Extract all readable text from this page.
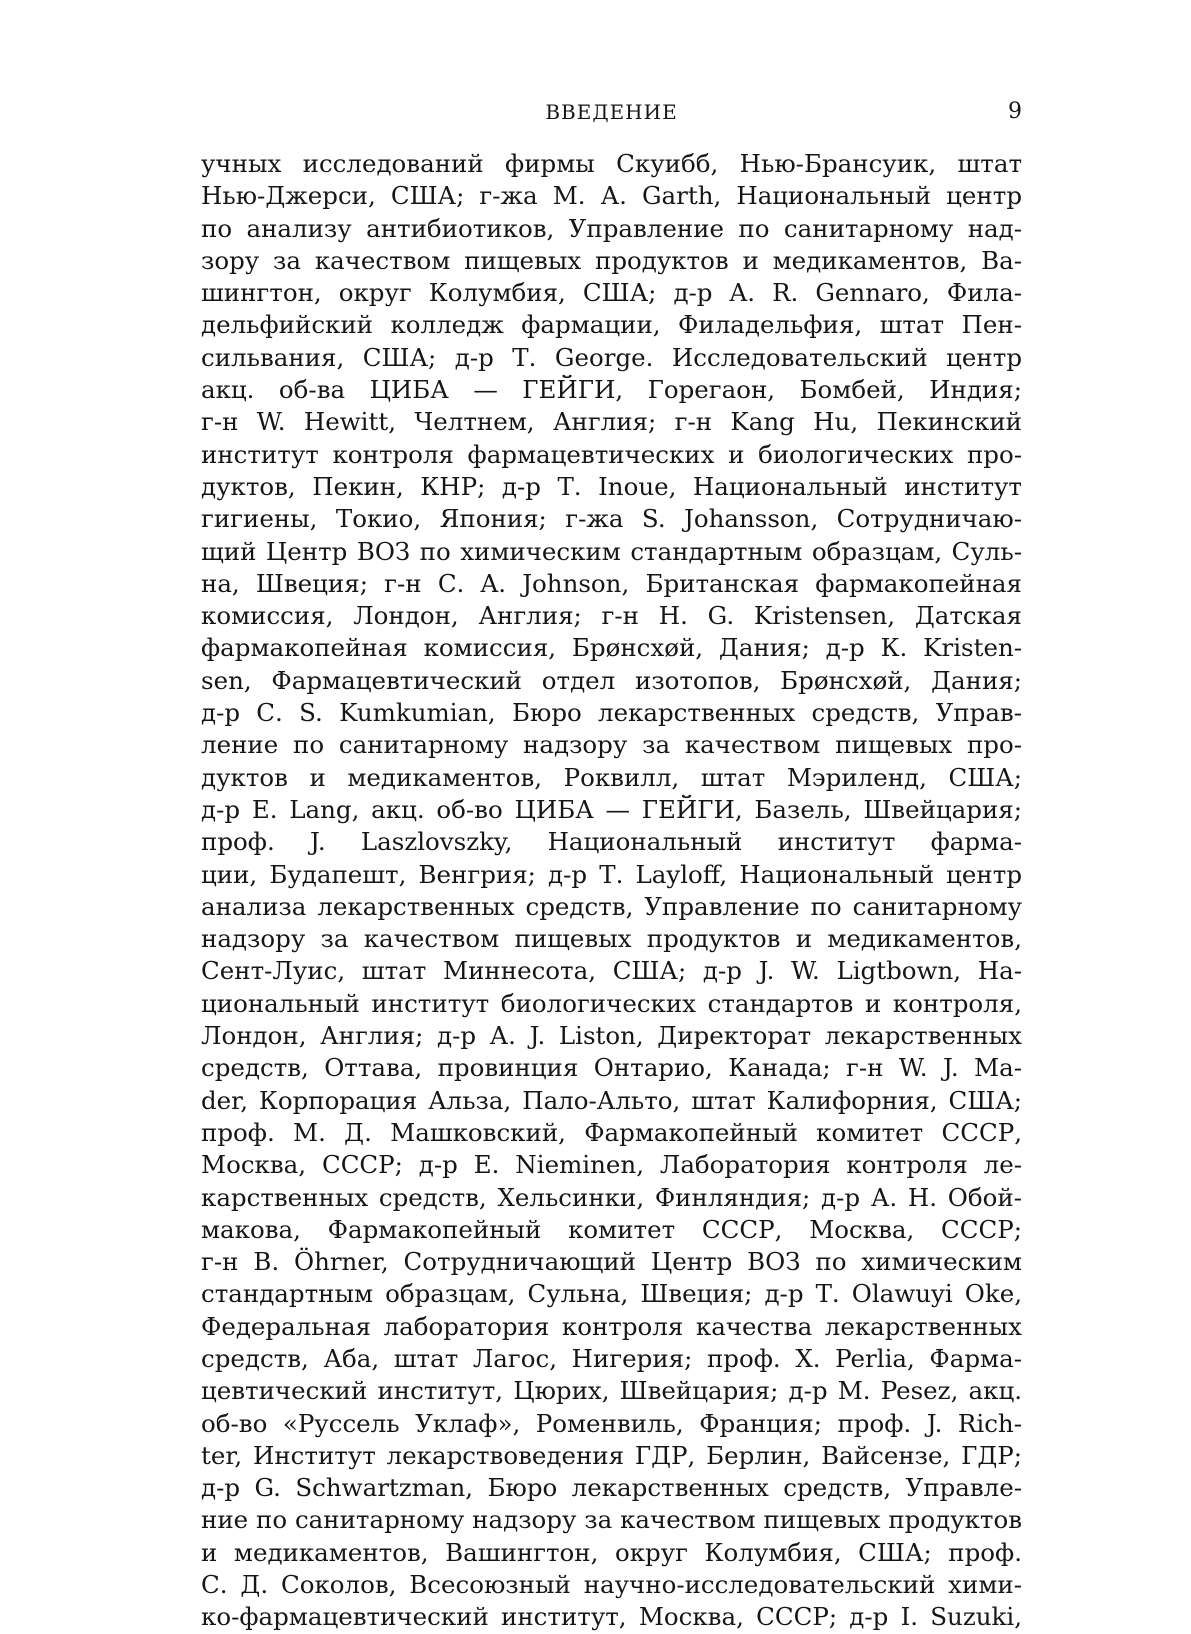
ВВЕДЕНИЕ	9
учных исследований фирмы Скуибб, Нью-Брансуик, штат
Нью-Джерси, США; г-жа М. А. Garth, Национальный центр
по анализу антибиотиков, Управление по санитарному над-
зору за качеством пищевых продуктов и медикаментов, Ва-
шингтон, округ Колумбия, США; д-р A. R. Gennaro, Фила-
дельфийский колледж фармации, Филадельфия, штат Пен-
сильвания, США; д-р Т. George. Исследовательский центр
акц. об-ва ЦИБА — ГЕЙГИ, Горегаон, Бомбей, Индия;
г-н W. Hewitt, Челтнем, Англия; г-н Kang Hu, Пекинский
институт контроля фармацевтических и биологических про-
дуктов, Пекин, КНР; д-р Т. Inoue, Национальный институт
гигиены, Токио, Япония; г-жа S. Johansson, Сотрудничаю-
щий Центр ВОЗ по химическим стандартным образцам, Суль-
на, Швеция; г-н С. A. Johnson, Британская фармакопейная
комиссия, Лондон, Англия; г-н Н. G. Kristensen, Датская
фармакопейная комиссия, Брøнсхøй, Дания; д-р К. Kristen-
sen, Фармацевтический отдел изотопов, Брøнсхøй, Дания;
д-р С. S. Kumkumian, Бюро лекарственных средств, Управ-
ление по санитарному надзору за качеством пищевых про-
дуктов и медикаментов, Роквилл, штат Мэриленд, США;
д-р Е. Lang, акц. об-во ЦИБА — ГЕЙГИ, Базель, Швейцария;
проф. J. Laszlovszky, Национальный институт фарма-
ции, Будапешт, Венгрия; д-р Т. Layloff, Национальный центр
анализа лекарственных средств, Управление по санитарному
надзору за качеством пищевых продуктов и медикаментов,
Сент-Луис, штат Миннесота, США; д-р J. W. Ligtbown, На-
циональный институт биологических стандартов и контроля,
Лондон, Англия; д-р А. J. Liston, Директорат лекарственных
средств, Оттава, провинция Онтарио, Канада; г-н W. J. Ma-
der, Корпорация Альза, Пало-Альто, штат Калифорния, США;
проф. М. Д. Машковский, Фармакопейный комитет СССР,
Москва, СССР; д-р Е. Nieminen, Лаборатория контроля ле-
карственных средств, Хельсинки, Финляндия; д-р А. Н. Обой-
макова, Фармакопейный комитет СССР, Москва, СССР;
г-н В. Öhrner, Сотрудничающий Центр ВОЗ по химическим
стандартным образцам, Сульна, Швеция; д-р Т. Olawuyi Oke,
Федеральная лаборатория контроля качества лекарственных
средств, Аба, штат Лагос, Нигерия; проф. X. Perlia, Фарма-
цевтический институт, Цюрих, Швейцария; д-р М. Pesez, акц.
об-во «Руссель Уклаф», Роменвиль, Франция; проф. J. Rich-
ter, Институт лекарствоведения ГДР, Берлин, Вайсензе, ГДР;
д-р G. Schwartzman, Бюро лекарственных средств, Управле-
ние по санитарному надзору за качеством пищевых продуктов
и медикаментов, Вашингтон, округ Колумбия, США; проф.
С. Д. Соколов, Всесоюзный научно-исследовательский хими-
ко-фармацевтический институт, Москва, СССР; д-р I. Suzuki,
